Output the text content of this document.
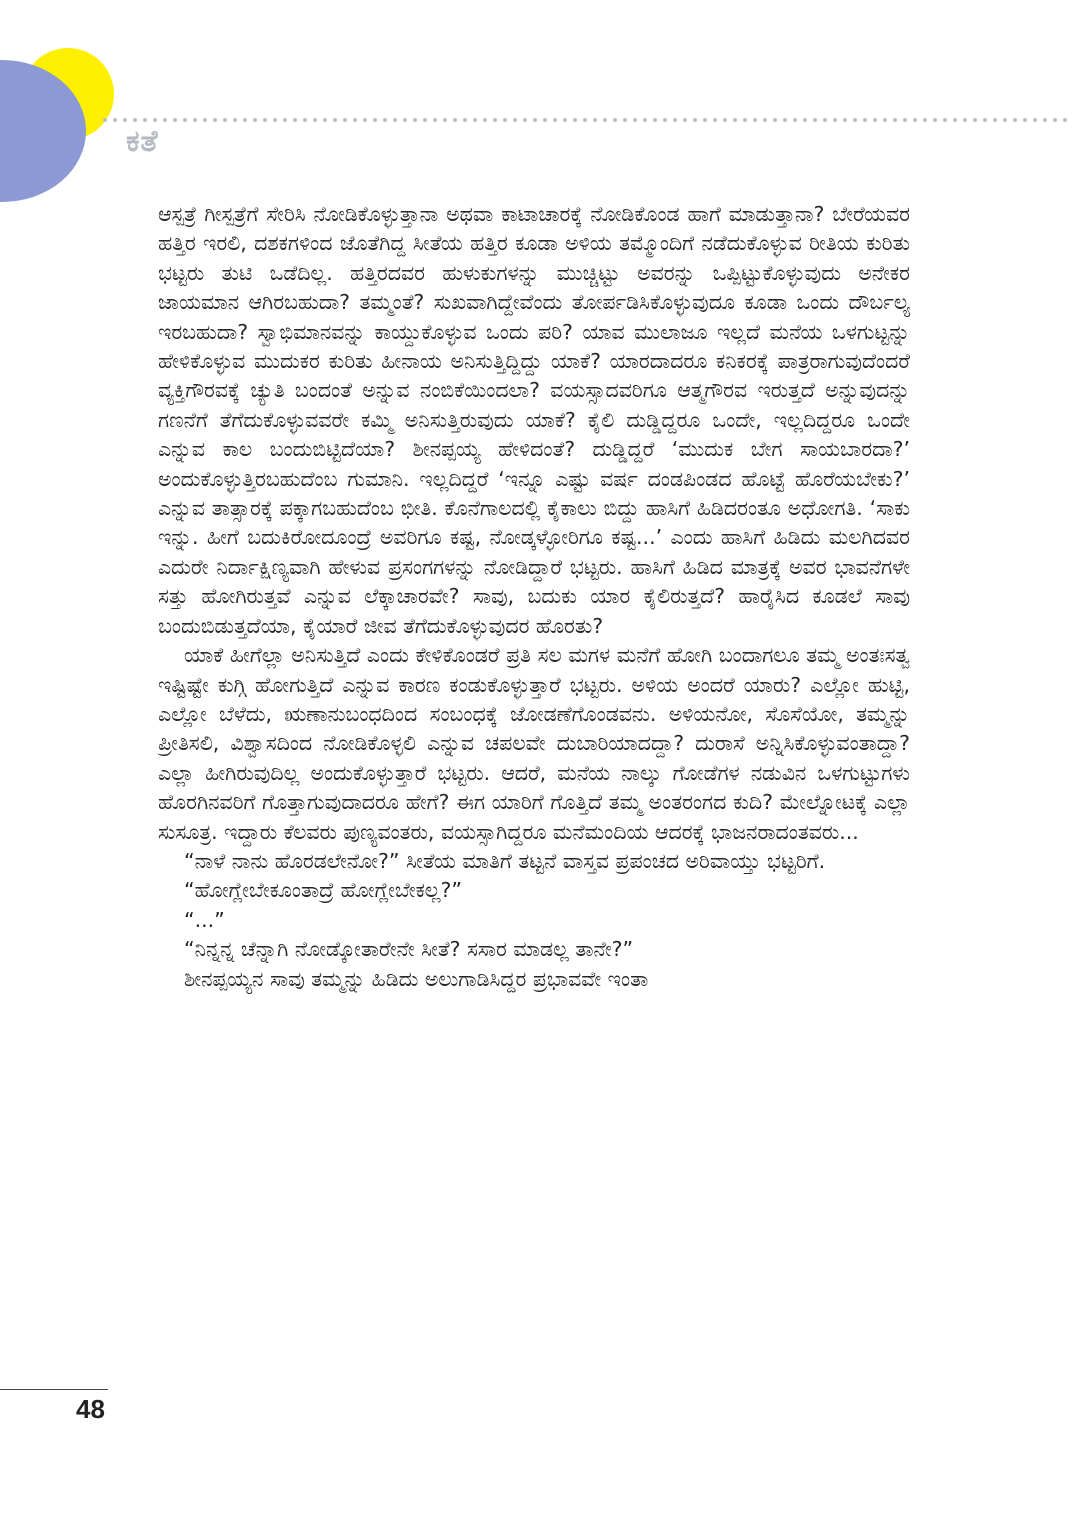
ಕತೆ

ಆಸ್ಪತ್ರೆ ಗೀಸ್ಪತ್ರೆಗೆ ಸೇರಿಸಿ ನೋಡಿಕೊಳ್ಳುತ್ತಾನಾ ಅಥವಾ ಕಾಟಾಚಾರಕ್ಕೆ ನೋಡಿಕೊಂಡ ಹಾಗೆ ಮಾಡುತ್ತಾನಾ? ಬೇರೆಯವರ ಹತ್ತಿರ ಇರಲಿ, ದಶಕಗಳಿಂದ ಜೊತೆಗಿದ್ದ ಸೀತೆಯ ಹತ್ತಿರ ಕೂಡಾ ಅಳಿಯ ತಮ್ಮೊಂದಿಗೆ ನಡೆದುಕೊಳ್ಳುವ ರೀತಿಯ ಕುರಿತು ಭಟ್ಟರು ತುಟಿ ಒಡೆದಿಲ್ಲ. ಹತ್ತಿರದವರ ಹುಳುಕುಗಳನ್ನು ಮುಚ್ಚಿಟ್ಟು ಅವರನ್ನು ಒಪ್ಪಿಟ್ಟುಕೊಳ್ಳುವುದು ಅನೇಕರ ಜಾಯಮಾನ ಆಗಿರಬಹುದಾ? ತಮ್ಮಂತೆ? ಸುಖವಾಗಿದ್ದೇವೆಂದು ತೋರ್ಪಡಿಸಿಕೊಳ್ಳುವುದೂ ಕೂಡಾ ಒಂದು ದೌರ್ಬಲ್ಯ ಇರಬಹುದಾ? ಸ್ವಾಭಿಮಾನವನ್ನು ಕಾಯ್ದುಕೊಳ್ಳುವ ಒಂದು ಪರಿ? ಯಾವ ಮುಲಾಜೂ ಇಲ್ಲದೆ ಮನೆಯ ಒಳಗುಟ್ಟನ್ನು ಹೇಳಿಕೊಳ್ಳುವ ಮುದುಕರ ಕುರಿತು ಹೀನಾಯ ಅನಿಸುತ್ತಿದ್ದಿದ್ದು ಯಾಕೆ? ಯಾರದಾದರೂ ಕನಿಕರಕ್ಕೆ ಪಾತ್ರರಾಗುವುದೆಂದರೆ ವ್ಯಕ್ತಿಗೌರವಕ್ಕೆ ಚ್ಯುತಿ ಬಂದಂತೆ ಅನ್ನುವ ನಂಬಿಕೆಯಿಂದಲಾ? ವಯಸ್ಸಾದವರಿಗೂ ಆತ್ಮಗೌರವ ಇರುತ್ತದೆ ಅನ್ನುವುದನ್ನು ಗಣನೆಗೆ ತೆಗೆದುಕೊಳ್ಳುವವರೇ ಕಮ್ಮಿ ಅನಿಸುತ್ತಿರುವುದು ಯಾಕೆ? ಕೈಲಿ ದುಡ್ಡಿದ್ದರೂ ಒಂದೇ, ಇಲ್ಲದಿದ್ದರೂ ಒಂದೇ ಎನ್ನುವ ಕಾಲ ಬಂದುಬಿಟ್ಟಿದೆಯಾ? ಶೀನಪ್ಪಯ್ಯ ಹೇಳಿದಂತೆ? ದುಡ್ಡಿದ್ದರೆ ‘ಮುದುಕ ಬೇಗ ಸಾಯಬಾರದಾ?’ ಅಂದುಕೊಳ್ಳುತ್ತಿರಬಹುದೆಂಬ ಗುಮಾನಿ. ಇಲ್ಲದಿದ್ದರೆ ‘ಇನ್ನೂ ಎಷ್ಟು ವರ್ಷ ದಂಡಪಿಂಡದ ಹೊಟ್ಟೆ ಹೊರೆಯಬೇಕು?’ ಎನ್ನುವ ತಾತ್ಸಾರಕ್ಕೆ ಪಕ್ಕಾಗಬಹುದೆಂಬ ಭೀತಿ. ಕೊನೆಗಾಲದಲ್ಲಿ ಕೈಕಾಲು ಬಿದ್ದು ಹಾಸಿಗೆ ಹಿಡಿದರಂತೂ ಅಧೋಗತಿ. ‘ಸಾಕು ಇನ್ನು. ಹೀಗೆ ಬದುಕಿರೋದೂಂದ್ರೆ ಅವರಿಗೂ ಕಷ್ಟ, ನೋಡ್ಕಳ್ಳೋರಿಗೂ ಕಷ್ಟ...’ ಎಂದು ಹಾಸಿಗೆ ಹಿಡಿದು ಮಲಗಿದವರ ಎದುರೇ ನಿರ್ದಾಕ್ಷಿಣ್ಯವಾಗಿ ಹೇಳುವ ಪ್ರಸಂಗಗಳನ್ನು ನೋಡಿದ್ದಾರೆ ಭಟ್ಟರು. ಹಾಸಿಗೆ ಹಿಡಿದ ಮಾತ್ರಕ್ಕೆ ಅವರ ಭಾವನೆಗಳೇ ಸತ್ತು ಹೋಗಿರುತ್ತವೆ ಎನ್ನುವ ಲೆಕ್ಕಾಚಾರವೇ? ಸಾವು, ಬದುಕು ಯಾರ ಕೈಲಿರುತ್ತದೆ? ಹಾರೈಸಿದ ಕೂಡಲೆ ಸಾವು ಬಂದುಬಿಡುತ್ತದೆಯಾ, ಕೈಯಾರೆ ಜೀವ ತೆಗೆದುಕೊಳ್ಳುವುದರ ಹೊರತು?

ಯಾಕೆ ಹೀಗೆಲ್ಲಾ ಅನಿಸುತ್ತಿದೆ ಎಂದು ಕೇಳಿಕೊಂಡರೆ ಪ್ರತಿ ಸಲ ಮಗಳ ಮನೆಗೆ ಹೋಗಿ ಬಂದಾಗಲೂ ತಮ್ಮ ಅಂತಃಸತ್ವ ಇಷ್ಟಿಷ್ಟೇ ಕುಗ್ಗಿ ಹೋಗುತ್ತಿದೆ ಎನ್ನುವ ಕಾರಣ ಕಂಡುಕೊಳ್ಳುತ್ತಾರೆ ಭಟ್ಟರು. ಅಳಿಯ ಅಂದರೆ ಯಾರು? ಎಲ್ಲೋ ಹುಟ್ಟಿ, ಎಲ್ಲೋ ಬೆಳೆದು, ಋಣಾನುಬಂಧದಿಂದ ಸಂಬಂಧಕ್ಕೆ ಜೋಡಣೆಗೊಂಡವನು. ಅಳಿಯನೋ, ಸೊಸೆಯೋ, ತಮ್ಮನ್ನು ಪ್ರೀತಿಸಲಿ, ವಿಶ್ವಾಸದಿಂದ ನೋಡಿಕೊಳ್ಳಲಿ ಎನ್ನುವ ಚಪಲವೇ ದುಬಾರಿಯಾದದ್ದಾ? ದುರಾಸೆ ಅನ್ನಿಸಿಕೊಳ್ಳುವಂತಾದ್ದಾ? ಎಲ್ಲಾ ಹೀಗಿರುವುದಿಲ್ಲ ಅಂದುಕೊಳ್ಳುತ್ತಾರೆ ಭಟ್ಟರು. ಆದರೆ, ಮನೆಯ ನಾಲ್ಕು ಗೋಡೆಗಳ ನಡುವಿನ ಒಳಗುಟ್ಟುಗಳು ಹೊರಗಿನವರಿಗೆ ಗೊತ್ತಾಗುವುದಾದರೂ ಹೇಗೆ? ಈಗ ಯಾರಿಗೆ ಗೊತ್ತಿದೆ ತಮ್ಮ ಅಂತರಂಗದ ಕುದಿ? ಮೇಲ್ನೋಟಕ್ಕೆ ಎಲ್ಲಾ ಸುಸೂತ್ರ. ಇದ್ದಾರು ಕೆಲವರು ಪುಣ್ಯವಂತರು, ವಯಸ್ಸಾಗಿದ್ದರೂ ಮನೆಮಂದಿಯ ಆದರಕ್ಕೆ ಭಾಜನರಾದಂತವರು...

“ನಾಳೆ ನಾನು ಹೊರಡಲೇನೋ?” ಸೀತೆಯ ಮಾತಿಗೆ ತಟ್ಟನೆ ವಾಸ್ತವ ಪ್ರಪಂಚದ ಅರಿವಾಯ್ತು ಭಟ್ಟರಿಗೆ.

“ಹೋಗ್ಲೇಬೇಕೂಂತಾದ್ರೆ ಹೋಗ್ಲೇಬೇಕಲ್ಲ?”

“...”

“ನಿನ್ನನ್ನ ಚೆನ್ನಾಗಿ ನೋಡ್ಕೋತಾರೇನೇ ಸೀತೆ? ಸಸಾರ ಮಾಡಲ್ಲ ತಾನೇ?”

ಶೀನಪ್ಪಯ್ಯನ ಸಾವು ತಮ್ಮನ್ನು ಹಿಡಿದು ಅಲುಗಾಡಿಸಿದ್ದರ ಪ್ರಭಾವವೇ ಇಂತಾ

48
